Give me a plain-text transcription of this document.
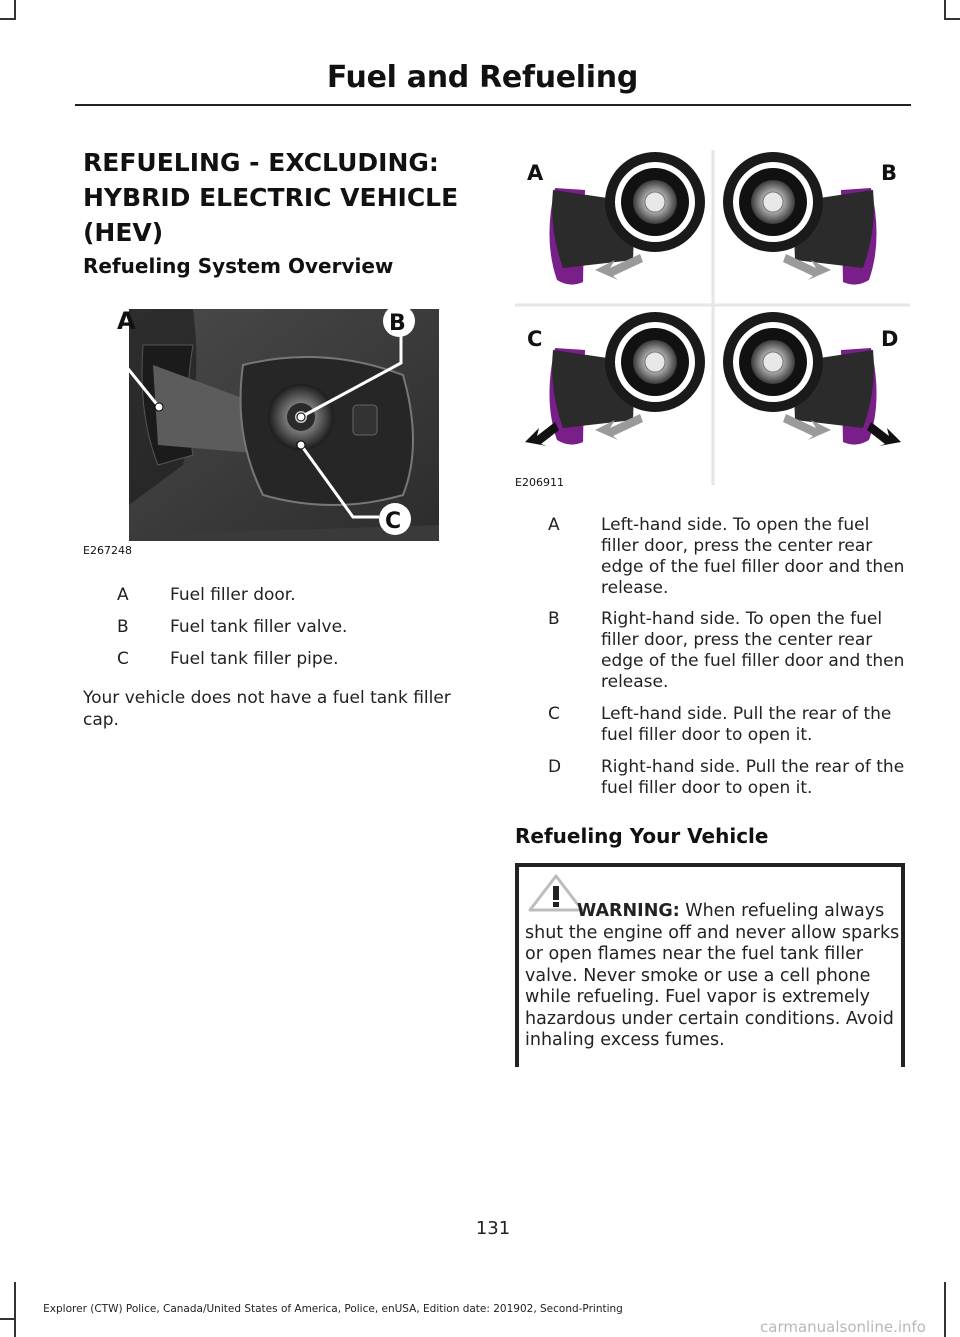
Fuel and Refueling
REFUELING - EXCLUDING: HYBRID ELECTRIC VEHICLE (HEV)
Refueling System Overview
A	B
C
E267248
A Fuel filler door.
B Fuel tank filler valve.
C Fuel tank filler pipe.
Your vehicle does not have a fuel tank filler cap.
A	B
C	D
E206911
A Left-hand side. To open the fuel filler door, press the center rear edge of the fuel filler door and then release.
B Right-hand side. To open the fuel filler door, press the center rear edge of the fuel filler door and then release.
C Left-hand side. Pull the rear of the fuel filler door to open it.
D Right-hand side. Pull the rear of the fuel filler door to open it.
Refueling Your Vehicle
WARNING: When refueling always shut the engine off and never allow sparks or open flames near the fuel tank filler valve. Never smoke or use a cell phone while refueling. Fuel vapor is extremely hazardous under certain conditions. Avoid inhaling excess fumes.
131
Explorer (CTW) Police, Canada/United States of America, Police, enUSA, Edition date: 201902, Second-Printing
carmanualsonline.info
